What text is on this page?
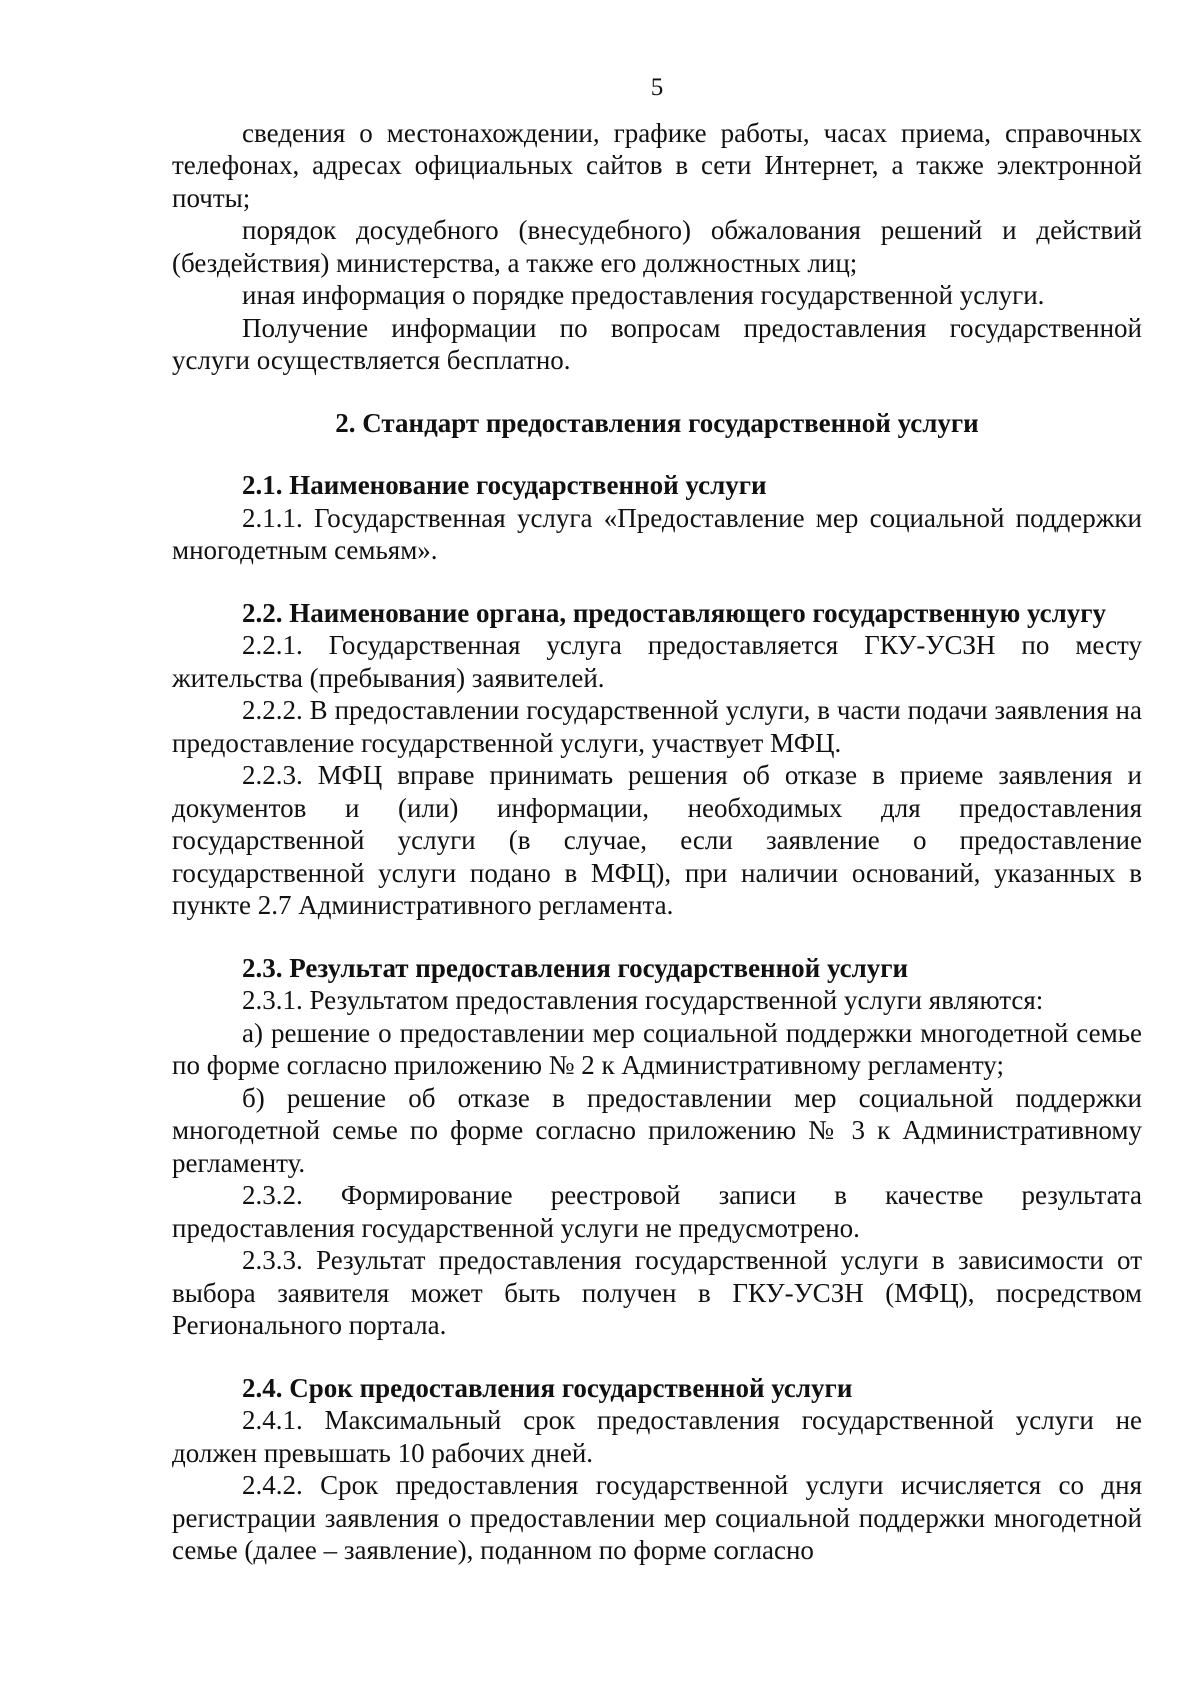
5

сведения о местонахождении, графике работы, часах приема, справочных телефонах, адресах официальных сайтов в сети Интернет, а также электронной почты;

порядок досудебного (внесудебного) обжалования решений и действий (бездействия) министерства, а также его должностных лиц;

иная информация о порядке предоставления государственной услуги.

Получение информации по вопросам предоставления государственной услуги осуществляется бесплатно.

2. Стандарт предоставления государственной услуги

2.1. Наименование государственной услуги

2.1.1. Государственная услуга «Предоставление мер социальной поддержки многодетным семьям».

2.2. Наименование органа, предоставляющего государственную услугу

2.2.1. Государственная услуга предоставляется ГКУ-УСЗН по месту жительства (пребывания) заявителей.

2.2.2. В предоставлении государственной услуги, в части подачи заявления на предоставление государственной услуги, участвует МФЦ.

2.2.3. МФЦ вправе принимать решения об отказе в приеме заявления и документов и (или) информации, необходимых для предоставления государственной услуги (в случае, если заявление о предоставление государственной услуги подано в МФЦ), при наличии оснований, указанных в пункте 2.7 Административного регламента.

2.3. Результат предоставления государственной услуги

2.3.1. Результатом предоставления государственной услуги являются:

а) решение о предоставлении мер социальной поддержки многодетной семье по форме согласно приложению № 2 к Административному регламенту;

б) решение об отказе в предоставлении мер социальной поддержки многодетной семье по форме согласно приложению № 3 к Административному регламенту.

2.3.2. Формирование реестровой записи в качестве результата предоставления государственной услуги не предусмотрено.

2.3.3. Результат предоставления государственной услуги в зависимости от выбора заявителя может быть получен в ГКУ-УСЗН (МФЦ), посредством Регионального портала.

2.4. Срок предоставления государственной услуги

2.4.1. Максимальный срок предоставления государственной услуги не должен превышать 10 рабочих дней.

2.4.2. Срок предоставления государственной услуги исчисляется со дня регистрации заявления о предоставлении мер социальной поддержки многодетной семье (далее – заявление), поданном по форме согласно
